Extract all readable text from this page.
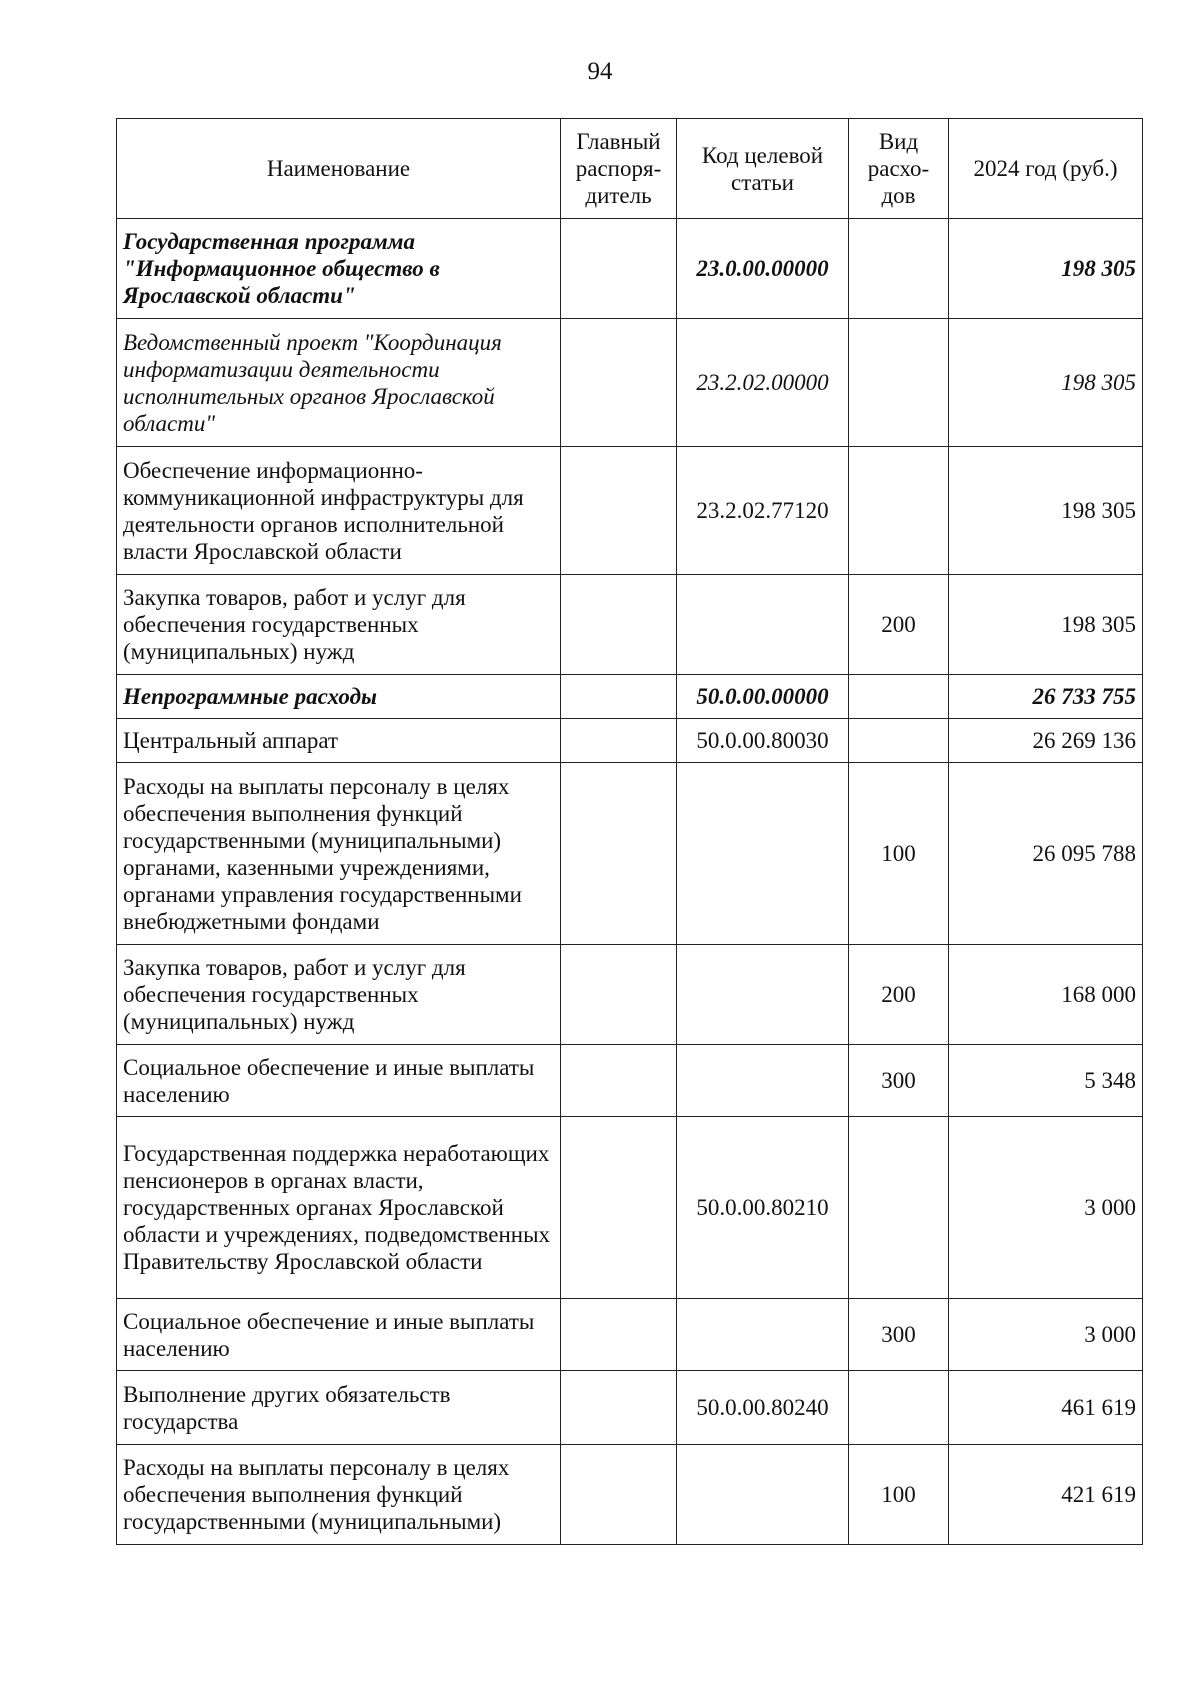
94
Наименование	Главный распоря-дитель	Код целевой статьи	Вид расхо-дов	2024 год (руб.)
Государственная программа "Информационное общество в Ярославской области"		23.0.00.00000		198 305
Ведомственный проект "Координация информатизации деятельности исполнительных органов Ярославской области"		23.2.02.00000		198 305
Обеспечение информационно-коммуникационной инфраструктуры для деятельности органов исполнительной власти Ярославской области		23.2.02.77120		198 305
Закупка товаров, работ и услуг для обеспечения государственных (муниципальных) нужд			200	198 305
Непрограммные расходы		50.0.00.00000		26 733 755
Центральный аппарат		50.0.00.80030		26 269 136
Расходы на выплаты персоналу в целях обеспечения выполнения функций государственными (муниципальными) органами, казенными учреждениями, органами управления государственными внебюджетными фондами			100	26 095 788
Закупка товаров, работ и услуг для обеспечения государственных (муниципальных) нужд			200	168 000
Социальное обеспечение и иные выплаты населению			300	5 348
Государственная поддержка неработающих пенсионеров в органах власти, государственных органах Ярославской области и учреждениях, подведомственных Правительству Ярославской области		50.0.00.80210		3 000
Социальное обеспечение и иные выплаты населению			300	3 000
Выполнение других обязательств государства		50.0.00.80240		461 619
Расходы на выплаты персоналу в целях обеспечения выполнения функций государственными (муниципальными)			100	421 619
